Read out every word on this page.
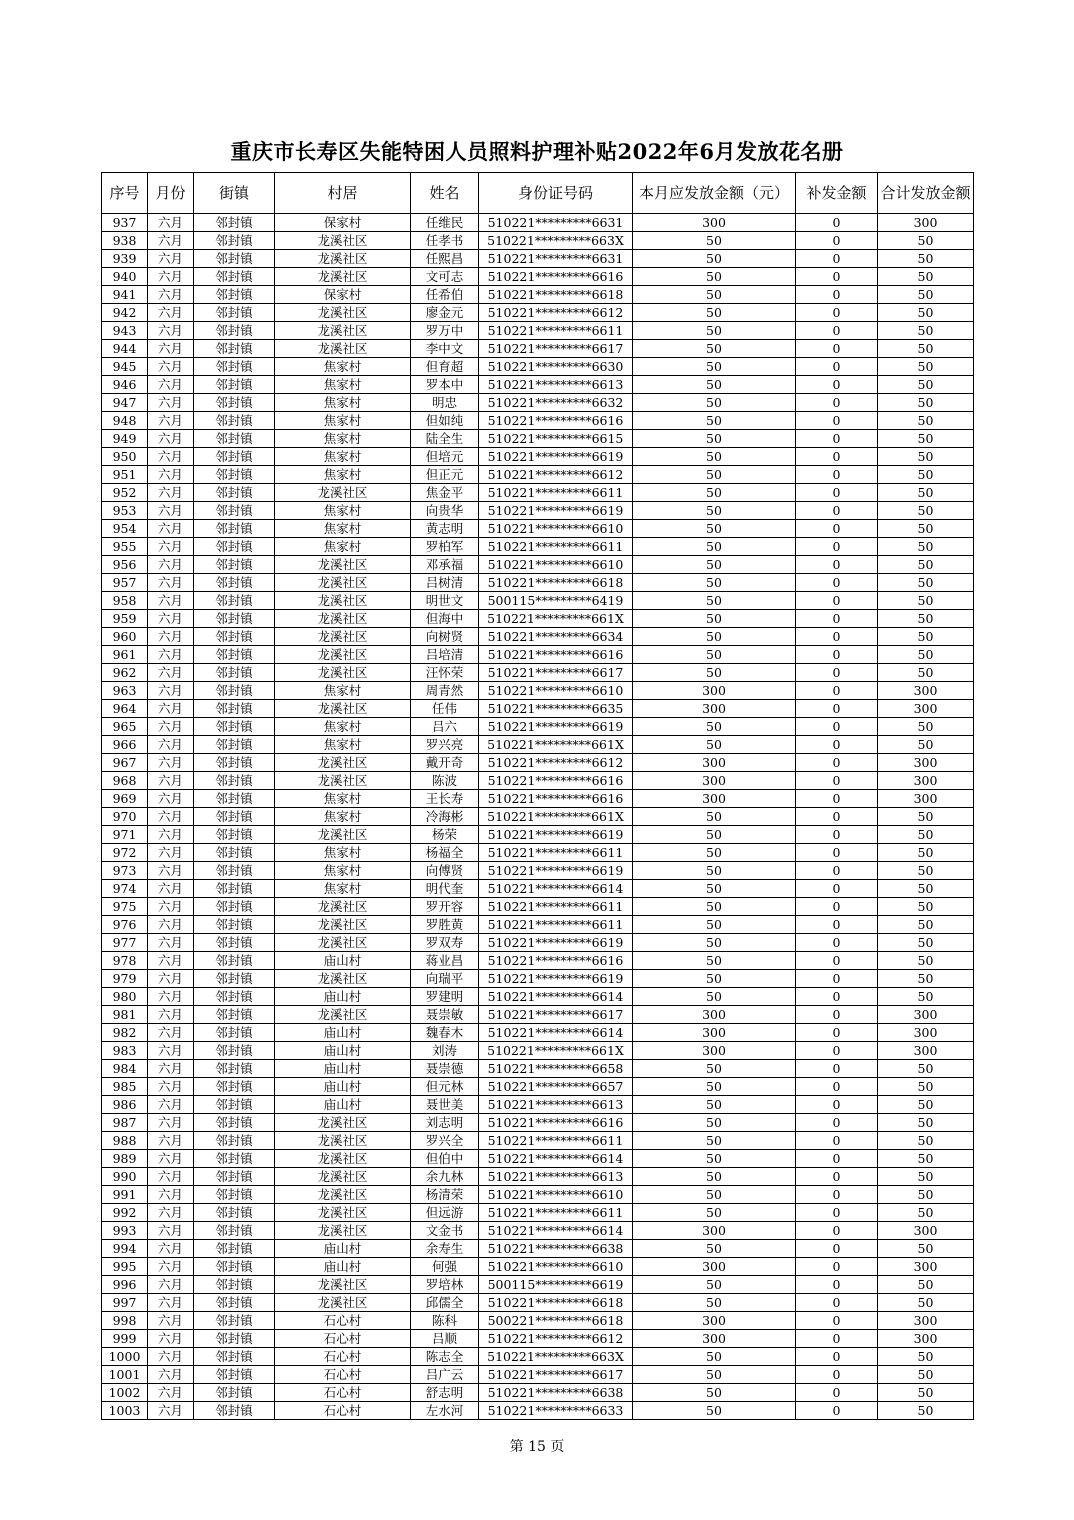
重庆市长寿区失能特困人员照料护理补贴2022年6月发放花名册
序号	月份	街镇	村居	姓名	身份证号码	本月应发放金额（元）	补发金额	合计发放金额
937	六月	邻封镇	保家村	任维民	510221*********6631	300	0	300
938	六月	邻封镇	龙溪社区	任孝书	510221*********663X	50	0	50
939	六月	邻封镇	龙溪社区	任熙昌	510221*********6631	50	0	50
940	六月	邻封镇	龙溪社区	文可志	510221*********6616	50	0	50
941	六月	邻封镇	保家村	任希伯	510221*********6618	50	0	50
942	六月	邻封镇	龙溪社区	廖金元	510221*********6612	50	0	50
943	六月	邻封镇	龙溪社区	罗万中	510221*********6611	50	0	50
944	六月	邻封镇	龙溪社区	李中文	510221*********6617	50	0	50
945	六月	邻封镇	焦家村	但育超	510221*********6630	50	0	50
946	六月	邻封镇	焦家村	罗本中	510221*********6613	50	0	50
947	六月	邻封镇	焦家村	明忠	510221*********6632	50	0	50
948	六月	邻封镇	焦家村	但如纯	510221*********6616	50	0	50
949	六月	邻封镇	焦家村	陆全生	510221*********6615	50	0	50
950	六月	邻封镇	焦家村	但培元	510221*********6619	50	0	50
951	六月	邻封镇	焦家村	但正元	510221*********6612	50	0	50
952	六月	邻封镇	龙溪社区	焦金平	510221*********6611	50	0	50
953	六月	邻封镇	焦家村	向贵华	510221*********6619	50	0	50
954	六月	邻封镇	焦家村	黄志明	510221*********6610	50	0	50
955	六月	邻封镇	焦家村	罗柏军	510221*********6611	50	0	50
956	六月	邻封镇	龙溪社区	邓承福	510221*********6610	50	0	50
957	六月	邻封镇	龙溪社区	吕树清	510221*********6618	50	0	50
958	六月	邻封镇	龙溪社区	明世文	500115*********6419	50	0	50
959	六月	邻封镇	龙溪社区	但海中	510221*********661X	50	0	50
960	六月	邻封镇	龙溪社区	向树贤	510221*********6634	50	0	50
961	六月	邻封镇	龙溪社区	吕培清	510221*********6616	50	0	50
962	六月	邻封镇	龙溪社区	汪怀荣	510221*********6617	50	0	50
963	六月	邻封镇	焦家村	周青然	510221*********6610	300	0	300
964	六月	邻封镇	龙溪社区	任伟	510221*********6635	300	0	300
965	六月	邻封镇	焦家村	吕六	510221*********6619	50	0	50
966	六月	邻封镇	焦家村	罗兴亮	510221*********661X	50	0	50
967	六月	邻封镇	龙溪社区	戴开奇	510221*********6612	300	0	300
968	六月	邻封镇	龙溪社区	陈波	510221*********6616	300	0	300
969	六月	邻封镇	焦家村	王长寿	510221*********6616	300	0	300
970	六月	邻封镇	焦家村	冷海彬	510221*********661X	50	0	50
971	六月	邻封镇	龙溪社区	杨荣	510221*********6619	50	0	50
972	六月	邻封镇	焦家村	杨福全	510221*********6611	50	0	50
973	六月	邻封镇	焦家村	向傅贤	510221*********6619	50	0	50
974	六月	邻封镇	焦家村	明代奎	510221*********6614	50	0	50
975	六月	邻封镇	龙溪社区	罗开容	510221*********6611	50	0	50
976	六月	邻封镇	龙溪社区	罗胜黄	510221*********6611	50	0	50
977	六月	邻封镇	龙溪社区	罗双寿	510221*********6619	50	0	50
978	六月	邻封镇	庙山村	蒋业昌	510221*********6616	50	0	50
979	六月	邻封镇	龙溪社区	向瑞平	510221*********6619	50	0	50
980	六月	邻封镇	庙山村	罗建明	510221*********6614	50	0	50
981	六月	邻封镇	龙溪社区	聂崇敏	510221*********6617	300	0	300
982	六月	邻封镇	庙山村	魏春木	510221*********6614	300	0	300
983	六月	邻封镇	庙山村	刘涛	510221*********661X	300	0	300
984	六月	邻封镇	庙山村	聂崇德	510221*********6658	50	0	50
985	六月	邻封镇	庙山村	但元林	510221*********6657	50	0	50
986	六月	邻封镇	庙山村	聂世美	510221*********6613	50	0	50
987	六月	邻封镇	龙溪社区	刘志明	510221*********6616	50	0	50
988	六月	邻封镇	龙溪社区	罗兴全	510221*********6611	50	0	50
989	六月	邻封镇	龙溪社区	但伯中	510221*********6614	50	0	50
990	六月	邻封镇	龙溪社区	余九林	510221*********6613	50	0	50
991	六月	邻封镇	龙溪社区	杨清荣	510221*********6610	50	0	50
992	六月	邻封镇	龙溪社区	但远游	510221*********6611	50	0	50
993	六月	邻封镇	龙溪社区	文金书	510221*********6614	300	0	300
994	六月	邻封镇	庙山村	余寿生	510221*********6638	50	0	50
995	六月	邻封镇	庙山村	何强	510221*********6610	300	0	300
996	六月	邻封镇	龙溪社区	罗培林	500115*********6619	50	0	50
997	六月	邻封镇	龙溪社区	邱儒全	510221*********6618	50	0	50
998	六月	邻封镇	石心村	陈科	500221*********6618	300	0	300
999	六月	邻封镇	石心村	吕顺	510221*********6612	300	0	300
1000	六月	邻封镇	石心村	陈志全	510221*********663X	50	0	50
1001	六月	邻封镇	石心村	吕广云	510221*********6617	50	0	50
1002	六月	邻封镇	石心村	舒志明	510221*********6638	50	0	50
1003	六月	邻封镇	石心村	左水河	510221*********6633	50	0	50
第 15 页
